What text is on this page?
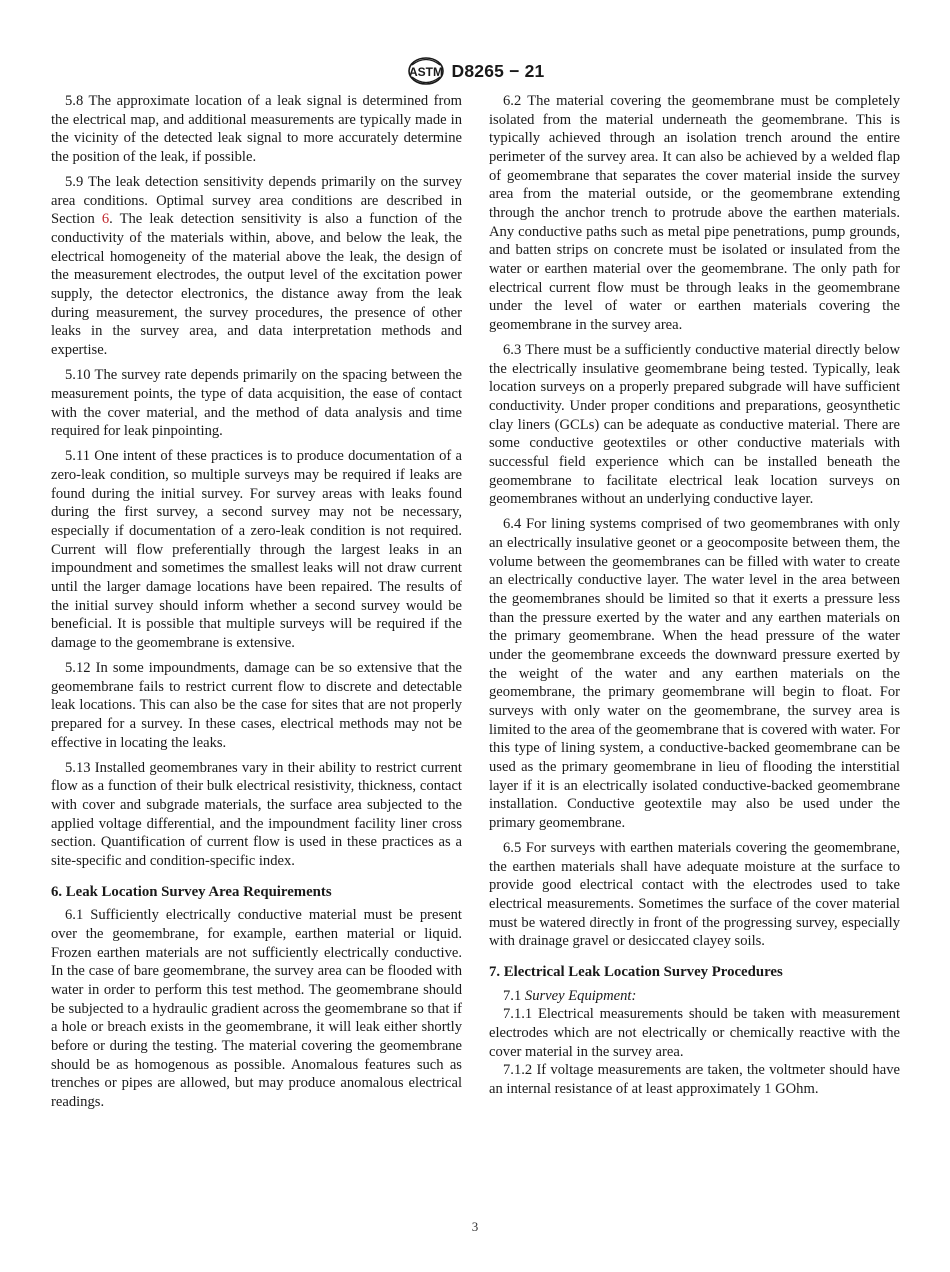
ASTM D8265 − 21

5.8 The approximate location of a leak signal is determined from the electrical map, and additional measurements are typically made in the vicinity of the detected leak signal to more accurately determine the position of the leak, if possible.

5.9 The leak detection sensitivity depends primarily on the survey area conditions. Optimal survey area conditions are described in Section 6. The leak detection sensitivity is also a function of the conductivity of the materials within, above, and below the leak, the electrical homogeneity of the material above the leak, the design of the measurement electrodes, the output level of the excitation power supply, the detector electronics, the distance away from the leak during measurement, the survey procedures, the presence of other leaks in the survey area, and data interpretation methods and expertise.

5.10 The survey rate depends primarily on the spacing between the measurement points, the type of data acquisition, the ease of contact with the cover material, and the method of data analysis and time required for leak pinpointing.

5.11 One intent of these practices is to produce documentation of a zero-leak condition, so multiple surveys may be required if leaks are found during the initial survey. For survey areas with leaks found during the first survey, a second survey may not be necessary, especially if documentation of a zero-leak condition is not required. Current will flow preferentially through the largest leaks in an impoundment and sometimes the smallest leaks will not draw current until the larger damage locations have been repaired. The results of the initial survey should inform whether a second survey would be beneficial. It is possible that multiple surveys will be required if the damage to the geomembrane is extensive.

5.12 In some impoundments, damage can be so extensive that the geomembrane fails to restrict current flow to discrete and detectable leak locations. This can also be the case for sites that are not properly prepared for a survey. In these cases, electrical methods may not be effective in locating the leaks.

5.13 Installed geomembranes vary in their ability to restrict current flow as a function of their bulk electrical resistivity, thickness, contact with cover and subgrade materials, the surface area subjected to the applied voltage differential, and the impoundment facility liner cross section. Quantification of current flow is used in these practices as a site-specific and condition-specific index.

6. Leak Location Survey Area Requirements

6.1 Sufficiently electrically conductive material must be present over the geomembrane, for example, earthen material or liquid. Frozen earthen materials are not sufficiently electrically conductive. In the case of bare geomembrane, the survey area can be flooded with water in order to perform this test method. The geomembrane should be subjected to a hydraulic gradient across the geomembrane so that if a hole or breach exists in the geomembrane, it will leak either shortly before or during the testing. The material covering the geomembrane should be as homogenous as possible. Anomalous features such as trenches or pipes are allowed, but may produce anomalous electrical readings.

6.2 The material covering the geomembrane must be completely isolated from the material underneath the geomembrane. This is typically achieved through an isolation trench around the entire perimeter of the survey area. It can also be achieved by a welded flap of geomembrane that separates the cover material inside the survey area from the material outside, or the geomembrane extending through the anchor trench to protrude above the earthen materials. Any conductive paths such as metal pipe penetrations, pump grounds, and batten strips on concrete must be isolated or insulated from the water or earthen material over the geomembrane. The only path for electrical current flow must be through leaks in the geomembrane under the level of water or earthen materials covering the geomembrane in the survey area.

6.3 There must be a sufficiently conductive material directly below the electrically insulative geomembrane being tested. Typically, leak location surveys on a properly prepared subgrade will have sufficient conductivity. Under proper conditions and preparations, geosynthetic clay liners (GCLs) can be adequate as conductive material. There are some conductive geotextiles or other conductive materials with successful field experience which can be installed beneath the geomembrane to facilitate electrical leak location surveys on geomembranes without an underlying conductive layer.

6.4 For lining systems comprised of two geomembranes with only an electrically insulative geonet or a geocomposite between them, the volume between the geomembranes can be filled with water to create an electrically conductive layer. The water level in the area between the geomembranes should be limited so that it exerts a pressure less than the pressure exerted by the water and any earthen materials on the primary geomembrane. When the head pressure of the water under the geomembrane exceeds the downward pressure exerted by the weight of the water and any earthen materials on the geomembrane, the primary geomembrane will begin to float. For surveys with only water on the geomembrane, the survey area is limited to the area of the geomembrane that is covered with water. For this type of lining system, a conductive-backed geomembrane can be used as the primary geomembrane in lieu of flooding the interstitial layer if it is an electrically isolated conductive-backed geomembrane installation. Conductive geotextile may also be used under the primary geomembrane.

6.5 For surveys with earthen materials covering the geomembrane, the earthen materials shall have adequate moisture at the surface to provide good electrical contact with the electrodes used to take electrical measurements. Sometimes the surface of the cover material must be watered directly in front of the progressing survey, especially with drainage gravel or desiccated clayey soils.

7. Electrical Leak Location Survey Procedures

7.1 Survey Equipment:

7.1.1 Electrical measurements should be taken with measurement electrodes which are not electrically or chemically reactive with the cover material in the survey area.

7.1.2 If voltage measurements are taken, the voltmeter should have an internal resistance of at least approximately 1 GOhm.

3
